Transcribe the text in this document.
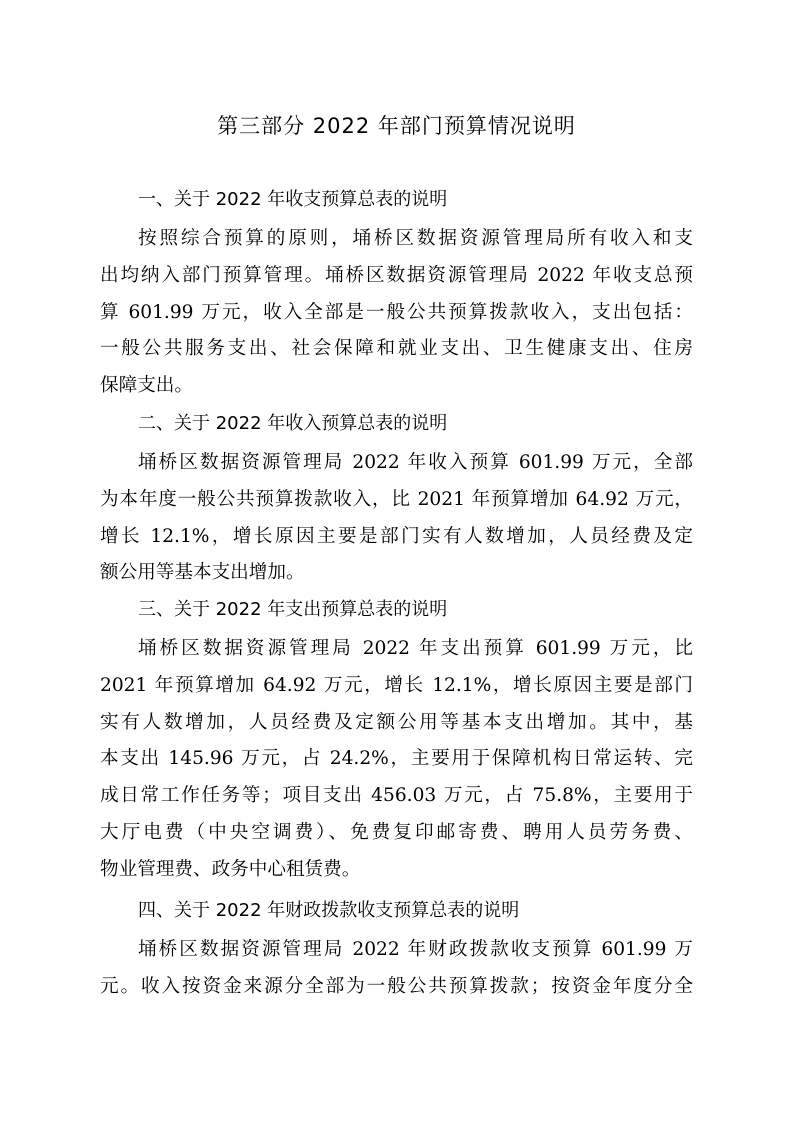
第三部分 2022 年部门预算情况说明
一、关于 2022 年收支预算总表的说明
按照综合预算的原则，埇桥区数据资源管理局所有收入和支
出均纳入部门预算管理。埇桥区数据资源管理局 2022 年收支总预
算 601.99 万元，收入全部是一般公共预算拨款收入，支出包括：
一般公共服务支出、社会保障和就业支出、卫生健康支出、住房
保障支出。
二、关于 2022 年收入预算总表的说明
埇桥区数据资源管理局 2022 年收入预算 601.99 万元，全部
为本年度一般公共预算拨款收入，比 2021 年预算增加 64.92 万元，
增长 12.1%，增长原因主要是部门实有人数增加，人员经费及定
额公用等基本支出增加。
三、关于 2022 年支出预算总表的说明
埇桥区数据资源管理局 2022 年支出预算 601.99 万元，比
2021 年预算增加 64.92 万元，增长 12.1%，增长原因主要是部门
实有人数增加，人员经费及定额公用等基本支出增加。其中，基
本支出 145.96 万元，占 24.2%，主要用于保障机构日常运转、完
成日常工作任务等；项目支出 456.03 万元，占 75.8%，主要用于
大厅电费（中央空调费）、免费复印邮寄费、聘用人员劳务费、
物业管理费、政务中心租赁费。
四、关于 2022 年财政拨款收支预算总表的说明
埇桥区数据资源管理局 2022 年财政拨款收支预算 601.99 万
元。收入按资金来源分全部为一般公共预算拨款；按资金年度分全
